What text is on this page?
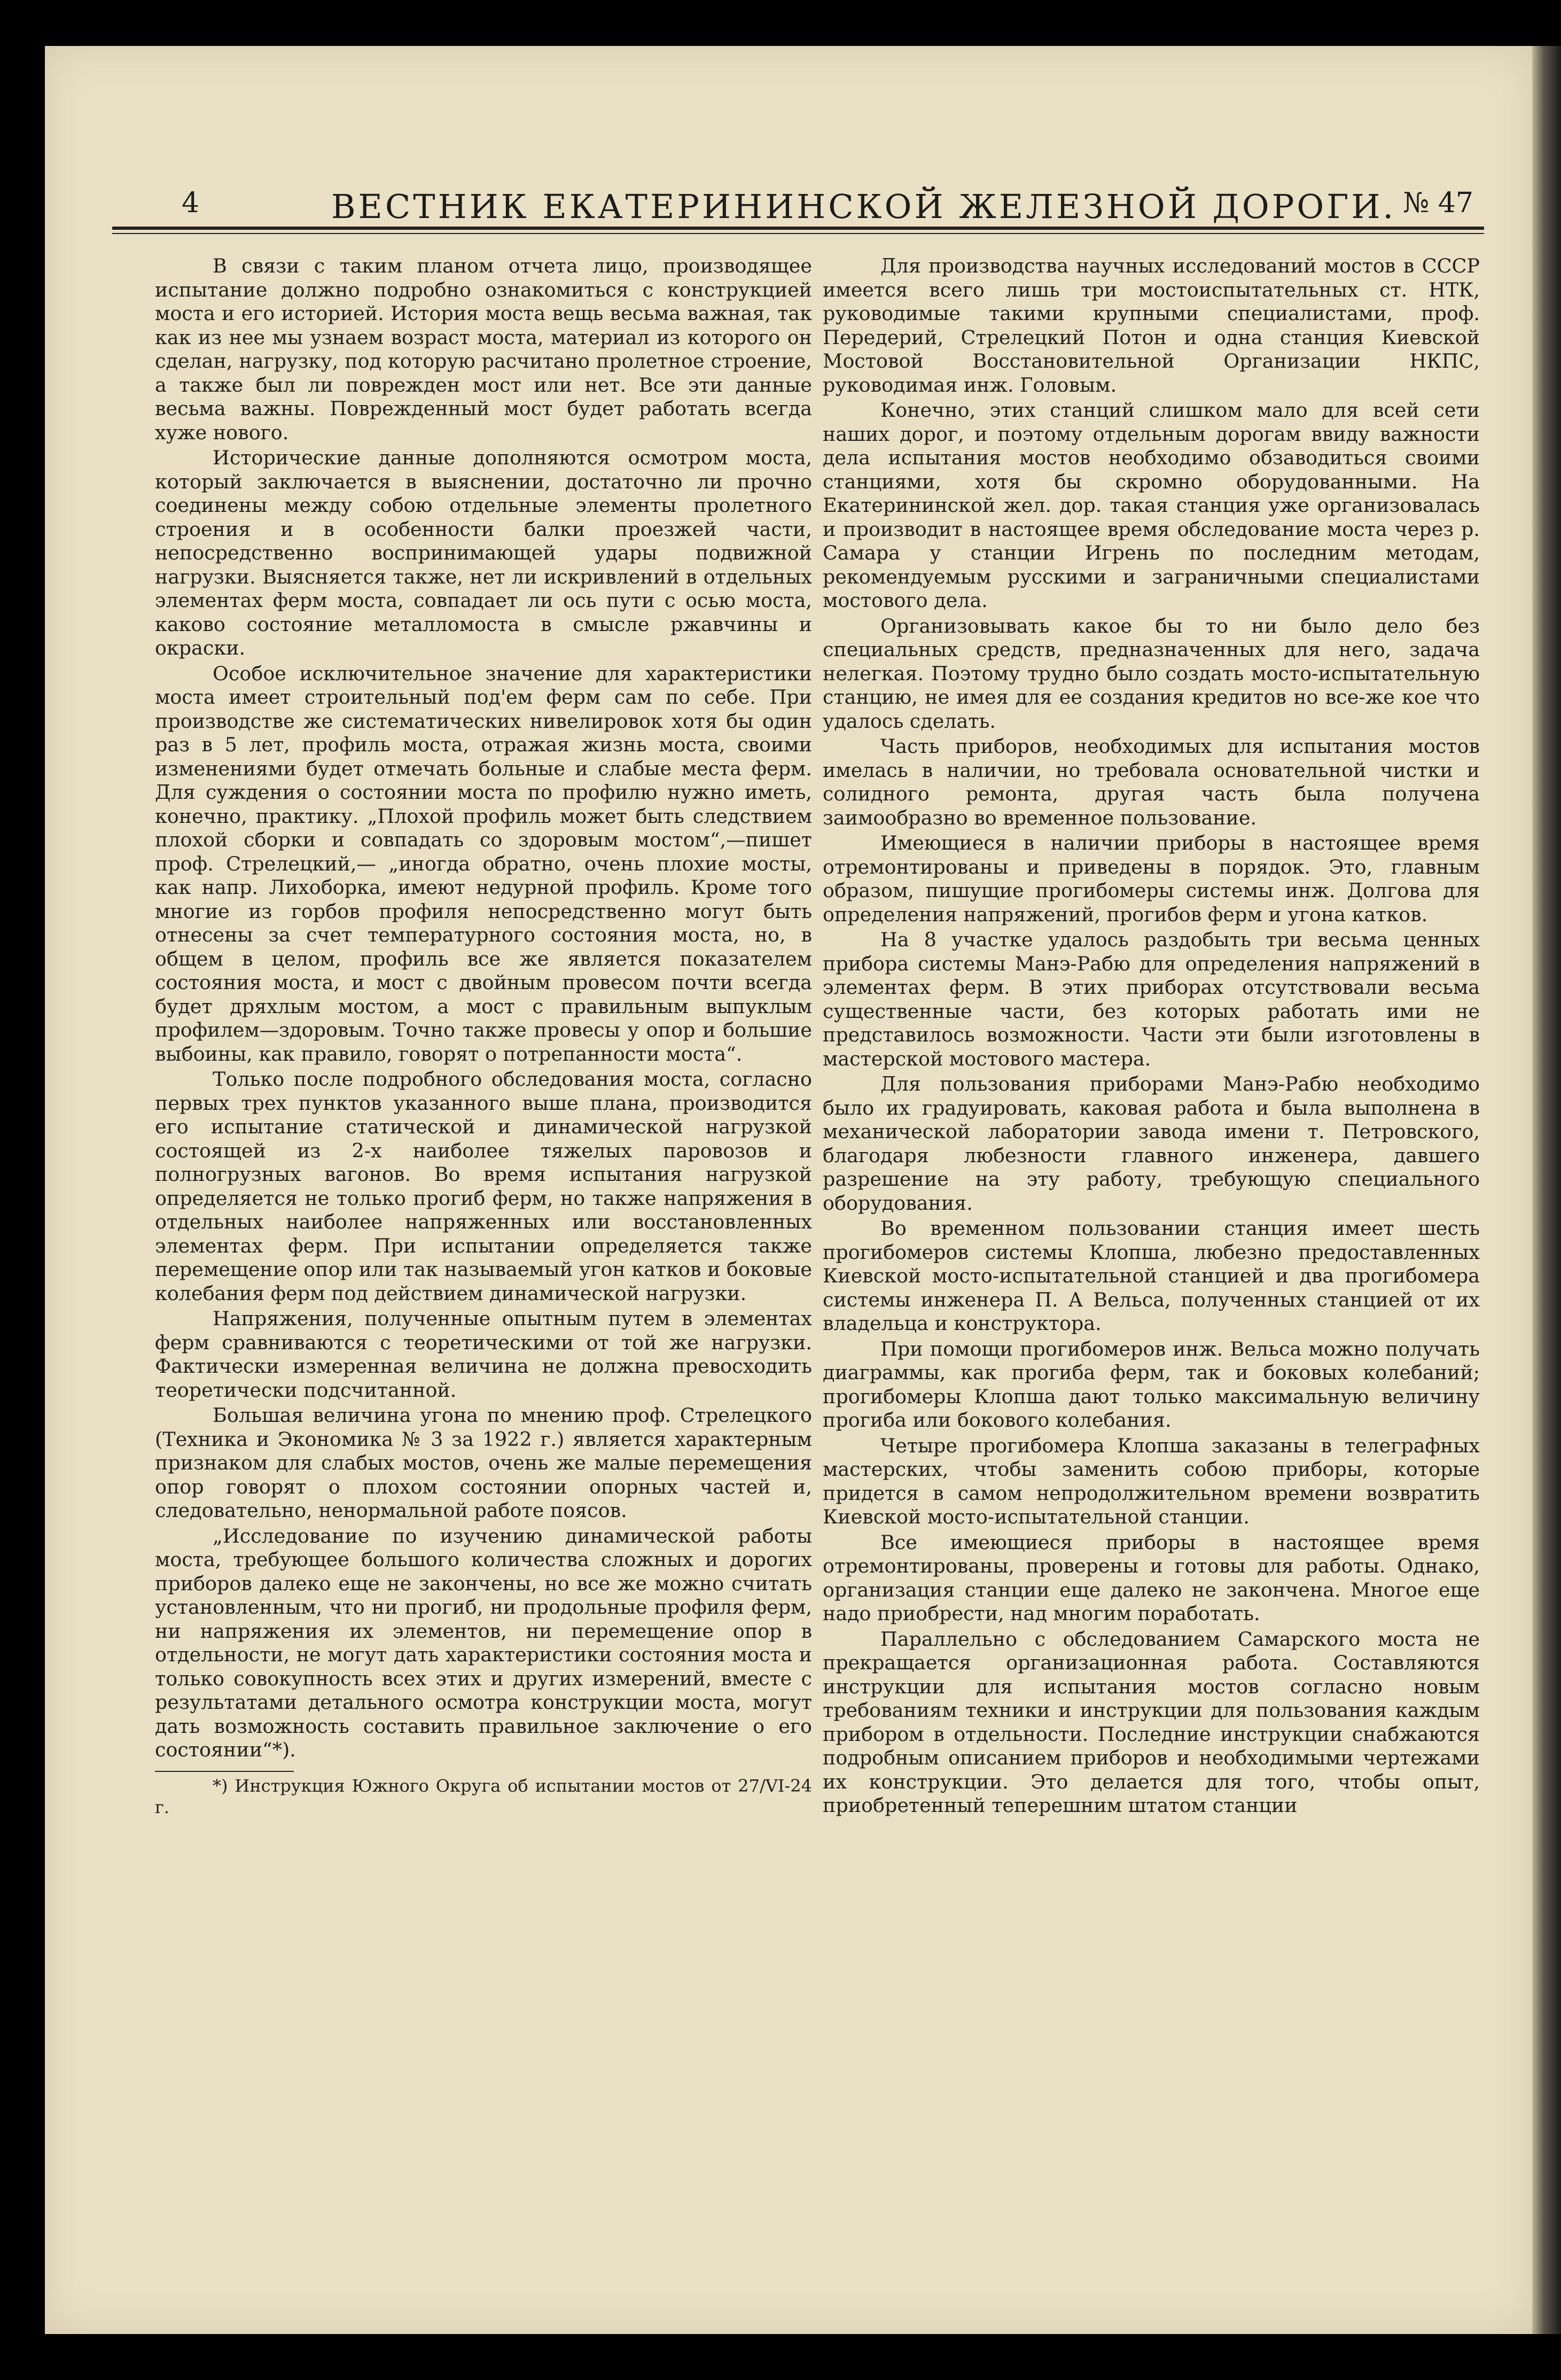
4	ВЕСТНИК ЕКАТЕРИНИНСКОЙ ЖЕЛЕЗНОЙ ДОРОГИ. № 47

В связи с таким планом отчета лицо, производящее испытание должно подробно ознакомиться с конструкцией моста и его историей. История моста вещь весьма важная, так как из нее мы узнаем возраст моста, материал из которого он сделан, нагрузку, под которую расчитано пролетное строение, а также был ли поврежден мост или нет. Все эти данные весьма важны. Поврежденный мост будет работать всегда хуже нового.

Исторические данные дополняются осмотром моста, который заключается в выяснении, достаточно ли прочно соединены между собою отдельные элементы пролетного строения и в особенности балки проезжей части, непосредственно воспринимающей удары подвижной нагрузки. Выясняется также, нет ли искривлений в отдельных элементах ферм моста, совпадает ли ось пути с осью моста, каково состояние металломоста в смысле ржавчины и окраски.

Особое исключительное значение для характеристики моста имеет строительный под'ем ферм сам по себе. При производстве же систематических нивелировок хотя бы один раз в 5 лет, профиль моста, отражая жизнь моста, своими изменениями будет отмечать больные и слабые места ферм. Для суждения о состоянии моста по профилю нужно иметь, конечно, практику. „Плохой профиль может быть следствием плохой сборки и совпадать со здоровым мостом“,—пишет проф. Стрелецкий,— „иногда обратно, очень плохие мосты, как напр. Лихоборка, имеют недурной профиль. Кроме того многие из горбов профиля непосредственно могут быть отнесены за счет температурного состояния моста, но, в общем в целом, профиль все же является показателем состояния моста, и мост с двойным провесом почти всегда будет дряхлым мостом, а мост с правильным выпуклым профилем—здоровым. Точно также провесы у опор и большие выбоины, как правило, говорят о потрепанности моста“.

Только после подробного обследования моста, согласно первых трех пунктов указанного выше плана, производится его испытание статической и динамической нагрузкой состоящей из 2-х наиболее тяжелых паровозов и полногрузных вагонов. Во время испытания нагрузкой определяется не только прогиб ферм, но также напряжения в отдельных наиболее напряженных или восстановленных элементах ферм. При испытании определяется также перемещение опор или так называемый угон катков и боковые колебания ферм под действием динамической нагрузки.

Напряжения, полученные опытным путем в элементах ферм сравниваются с теоретическими от той же нагрузки. Фактически измеренная величина не должна превосходить теоретически подсчитанной.

Большая величина угона по мнению проф. Стрелецкого (Техника и Экономика № 3 за 1922 г.) является характерным признаком для слабых мостов, очень же малые перемещения опор говорят о плохом состоянии опорных частей и, следовательно, ненормальной работе поясов.

„Исследование по изучению динамической работы моста, требующее большого количества сложных и дорогих приборов далеко еще не закончены, но все же можно считать установленным, что ни прогиб, ни продольные профиля ферм, ни напряжения их элементов, ни перемещение опор в отдельности, не могут дать характеристики состояния моста и только совокупность всех этих и других измерений, вместе с результатами детального осмотра конструкции моста, могут дать возможность составить правильное заключение о его состоянии“*).

*) Инструкция Южного Округа об испытании мостов от 27/VI-24 г.

Для производства научных исследований мостов в СССР имеется всего лишь три мостоиспытательных ст. НТК, руководимые такими крупными специалистами, проф. Передерий, Стрелецкий Потон и одна станция Киевской Мостовой Восстановительной Организации НКПС, руководимая инж. Головым.

Конечно, этих станций слишком мало для всей сети наших дорог, и поэтому отдельным дорогам ввиду важности дела испытания мостов необходимо обзаводиться своими станциями, хотя бы скромно оборудованными. На Екатерининской жел. дор. такая станция уже организовалась и производит в настоящее время обследование моста через р. Самара у станции Игрень по последним методам, рекомендуемым русскими и заграничными специалистами мостового дела.

Организовывать какое бы то ни было дело без специальных средств, предназначенных для него, задача нелегкая. Поэтому трудно было создать мосто-испытательную станцию, не имея для ее создания кредитов но все-же кое что удалось сделать.

Часть приборов, необходимых для испытания мостов имелась в наличии, но требовала основательной чистки и солидного ремонта, другая часть была получена заимообразно во временное пользование.

Имеющиеся в наличии приборы в настоящее время отремонтированы и приведены в порядок. Это, главным образом, пишущие прогибомеры системы инж. Долгова для определения напряжений, прогибов ферм и угона катков.

На 8 участке удалось раздобыть три весьма ценных прибора системы Манэ-Рабю для определения напряжений в элементах ферм. В этих приборах отсутствовали весьма существенные части, без которых работать ими не представилось возможности. Части эти были изготовлены в мастерской мостового мастера.

Для пользования приборами Манэ-Рабю необходимо было их градуировать, каковая работа и была выполнена в механической лаборатории завода имени т. Петровского, благодаря любезности главного инженера, давшего разрешение на эту работу, требующую специального оборудования.

Во временном пользовании станция имеет шесть прогибомеров системы Клопша, любезно предоставленных Киевской мосто-испытательной станцией и два прогибомера системы инженера П. А Вельса, полученных станцией от их владельца и конструктора.

При помощи прогибомеров инж. Вельса можно получать диаграммы, как прогиба ферм, так и боковых колебаний; прогибомеры Клопша дают только максимальную величину прогиба или бокового колебания.

Четыре прогибомера Клопша заказаны в телеграфных мастерских, чтобы заменить собою приборы, которые придется в самом непродолжительном времени возвратить Киевской мосто-испытательной станции.

Все имеющиеся приборы в настоящее время отремонтированы, проверены и готовы для работы. Однако, организация станции еще далеко не закончена. Многое еще надо приобрести, над многим поработать.

Параллельно с обследованием Самарского моста не прекращается организационная работа. Составляются инструкции для испытания мостов согласно новым требованиям техники и инструкции для пользования каждым прибором в отдельности. Последние инструкции снабжаются подробным описанием приборов и необходимыми чертежами их конструкции. Это делается для того, чтобы опыт, приобретенный теперешним штатом станции
